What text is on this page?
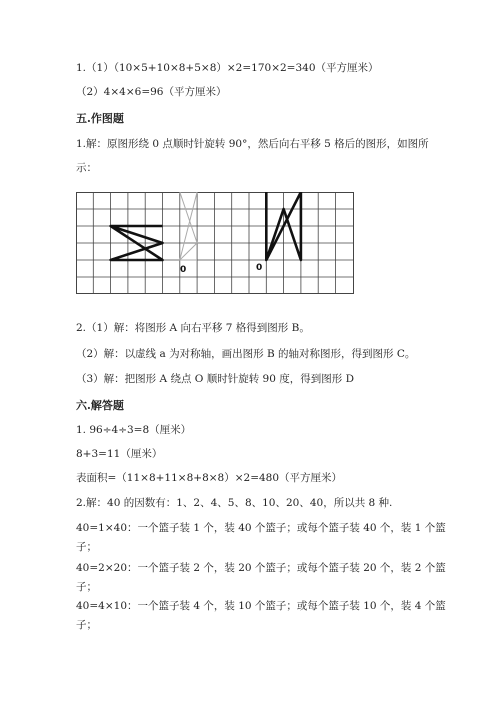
1.（1）（10×5+10×8+5×8）×2=170×2=340（平方厘米）
（2）4×4×6=96（平方厘米）
五.作图题
1.解：原图形绕 0 点顺时针旋转 90°，然后向右平移 5 格后的图形，如图所
示：
0	0
2.（1）解：将图形 A 向右平移 7 格得到图形 B。
（2）解：以虚线 a 为对称轴，画出图形 B 的轴对称图形，得到图形 C。
（3）解：把图形 A 绕点 O 顺时针旋转 90 度，得到图形 D
六.解答题
1. 96÷4÷3=8（厘米）
8+3=11（厘米）
表面积=（11×8+11×8+8×8）×2=480（平方厘米）
2.解：40 的因数有：1、2、4、5、8、10、20、40，所以共 8 种.
40=1×40：一个篮子装 1 个，装 40 个篮子；或每个篮子装 40 个，装 1 个篮
子；
40=2×20：一个篮子装 2 个，装 20 个篮子；或每个篮子装 20 个，装 2 个篮
子；
40=4×10：一个篮子装 4 个，装 10 个篮子；或每个篮子装 10 个，装 4 个篮
子；
